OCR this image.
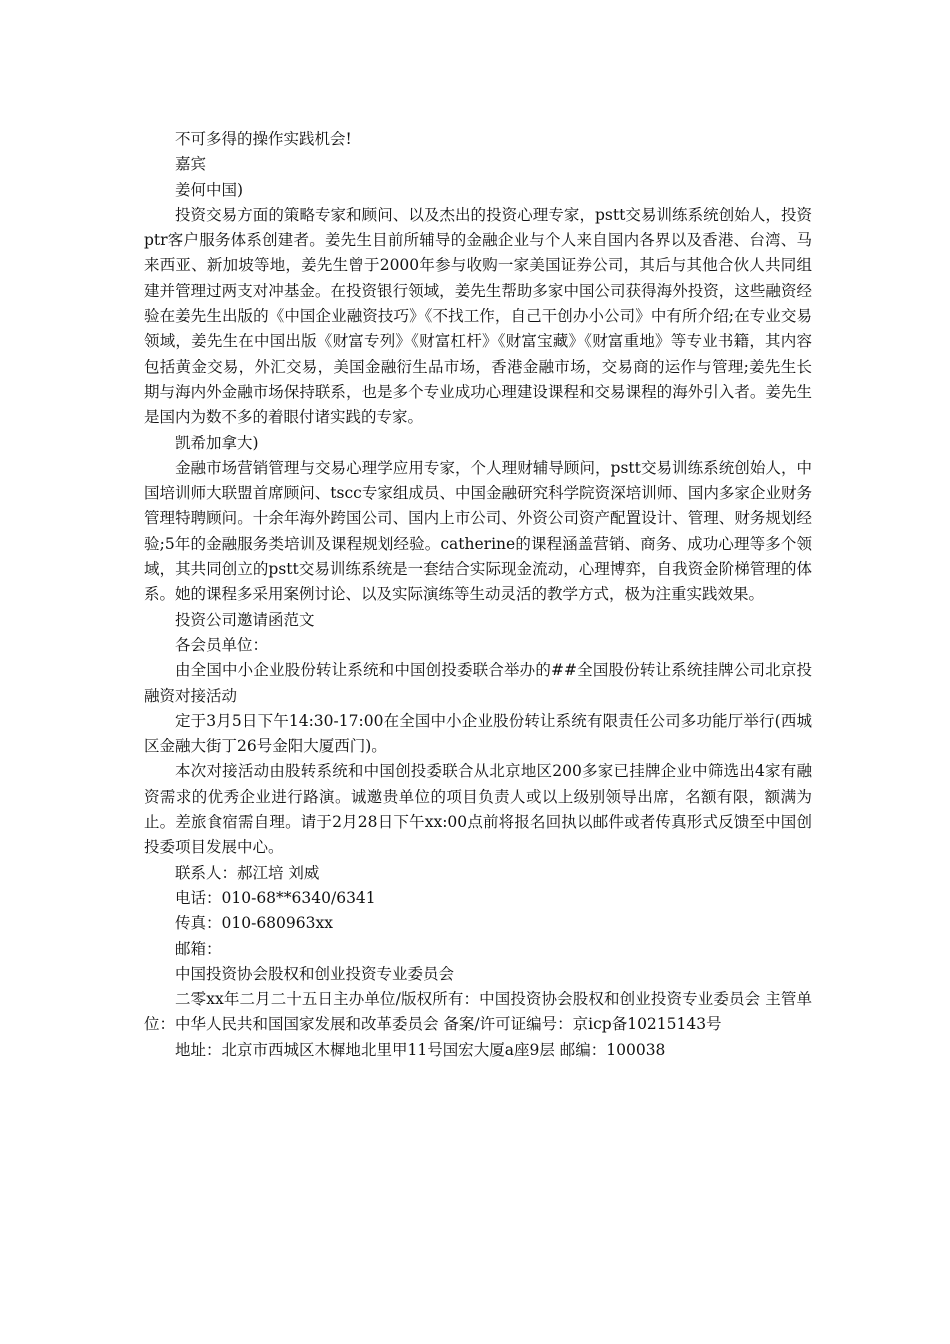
不可多得的操作实践机会!

嘉宾

姜何中国)

投资交易方面的策略专家和顾问、以及杰出的投资心理专家，pstt交易训练系统创始人，投资ptr客户服务体系创建者。姜先生目前所辅导的金融企业与个人来自国内各界以及香港、台湾、马来西亚、新加坡等地，姜先生曾于2000年参与收购一家美国证券公司，其后与其他合伙人共同组建并管理过两支对冲基金。在投资银行领域，姜先生帮助多家中国公司获得海外投资，这些融资经验在姜先生出版的《中国企业融资技巧》《不找工作，自己干创办小公司》中有所介绍;在专业交易领域，姜先生在中国出版《财富专列》《财富杠杆》《财富宝藏》《财富重地》等专业书籍，其内容包括黄金交易，外汇交易，美国金融衍生品市场，香港金融市场，交易商的运作与管理;姜先生长期与海内外金融市场保持联系，也是多个专业成功心理建设课程和交易课程的海外引入者。姜先生是国内为数不多的着眼付诸实践的专家。

凯希加拿大)

金融市场营销管理与交易心理学应用专家，个人理财辅导顾问，pstt交易训练系统创始人，中国培训师大联盟首席顾问、tscc专家组成员、中国金融研究科学院资深培训师、国内多家企业财务管理特聘顾问。十余年海外跨国公司、国内上市公司、外资公司资产配置设计、管理、财务规划经验;5年的金融服务类培训及课程规划经验。catherine的课程涵盖营销、商务、成功心理等多个领域，其共同创立的pstt交易训练系统是一套结合实际现金流动，心理博弈，自我资金阶梯管理的体系。她的课程多采用案例讨论、以及实际演练等生动灵活的教学方式，极为注重实践效果。

投资公司邀请函范文

各会员单位：

由全国中小企业股份转让系统和中国创投委联合举办的##全国股份转让系统挂牌公司北京投融资对接活动

定于3月5日下午14:30-17:00在全国中小企业股份转让系统有限责任公司多功能厅举行(西城区金融大街丁26号金阳大厦西门)。

本次对接活动由股转系统和中国创投委联合从北京地区200多家已挂牌企业中筛选出4家有融资需求的优秀企业进行路演。诚邀贵单位的项目负责人或以上级别领导出席，名额有限，额满为止。差旅食宿需自理。请于2月28日下午xx:00点前将报名回执以邮件或者传真形式反馈至中国创投委项目发展中心。

联系人：郝江培 刘威

电话：010-68**6340/6341

传真：010-680963xx

邮箱：

中国投资协会股权和创业投资专业委员会

二零xx年二月二十五日主办单位/版权所有：中国投资协会股权和创业投资专业委员会 主管单位：中华人民共和国国家发展和改革委员会 备案/许可证编号：京icp备10215143号

地址：北京市西城区木樨地北里甲11号国宏大厦a座9层 邮编：100038
